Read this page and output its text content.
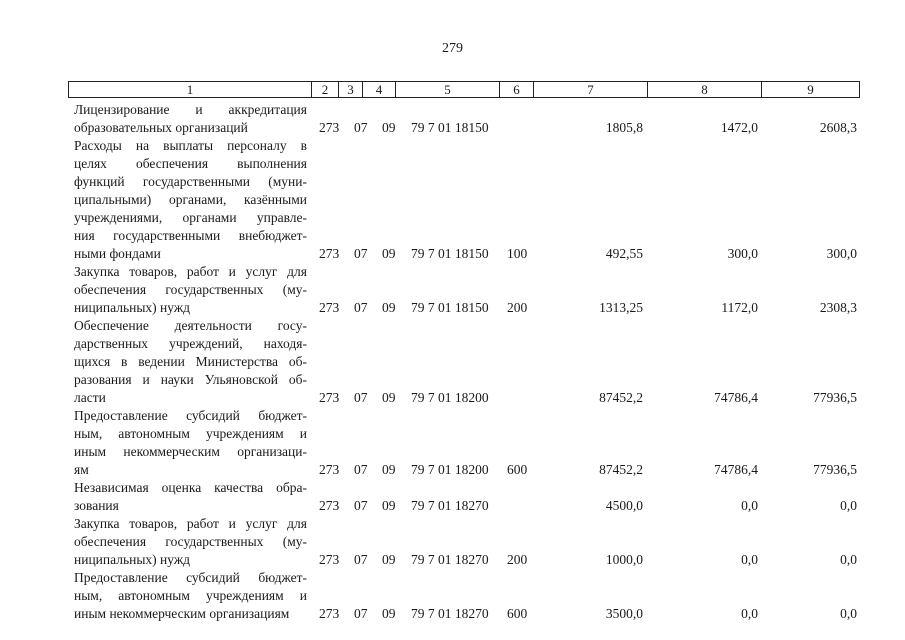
279
1	2	3	4	5	6	7	8	9
Лицензирование и аккредитация
образовательных организаций	273 07 09 79 7 01 18150	1805,8	1472,0	2608,3
Расходы на выплаты персоналу в
целях обеспечения выполнения
функций государственными (муни-
ципальными) органами, казёнными
учреждениями, органами управле-
ния государственными внебюджет-
ными фондами	273 07 09 79 7 01 18150 100	492,55	300,0	300,0
Закупка товаров, работ и услуг для
обеспечения государственных (му-
ниципальных) нужд	273 07 09 79 7 01 18150 200	1313,25	1172,0	2308,3
Обеспечение деятельности госу-
дарственных учреждений, находя-
щихся в ведении Министерства об-
разования и науки Ульяновской об-
ласти	273 07 09 79 7 01 18200	87452,2	74786,4	77936,5
Предоставление субсидий бюджет-
ным, автономным учреждениям и
иным некоммерческим организаци-
ям	273 07 09 79 7 01 18200 600	87452,2	74786,4	77936,5
Независимая оценка качества обра-
зования	273 07 09 79 7 01 18270	4500,0	0,0	0,0
Закупка товаров, работ и услуг для
обеспечения государственных (му-
ниципальных) нужд	273 07 09 79 7 01 18270 200	1000,0	0,0	0,0
Предоставление субсидий бюджет-
ным, автономным учреждениям и
иным некоммерческим организациям	273 07 09 79 7 01 18270 600	3500,0	0,0	0,0
